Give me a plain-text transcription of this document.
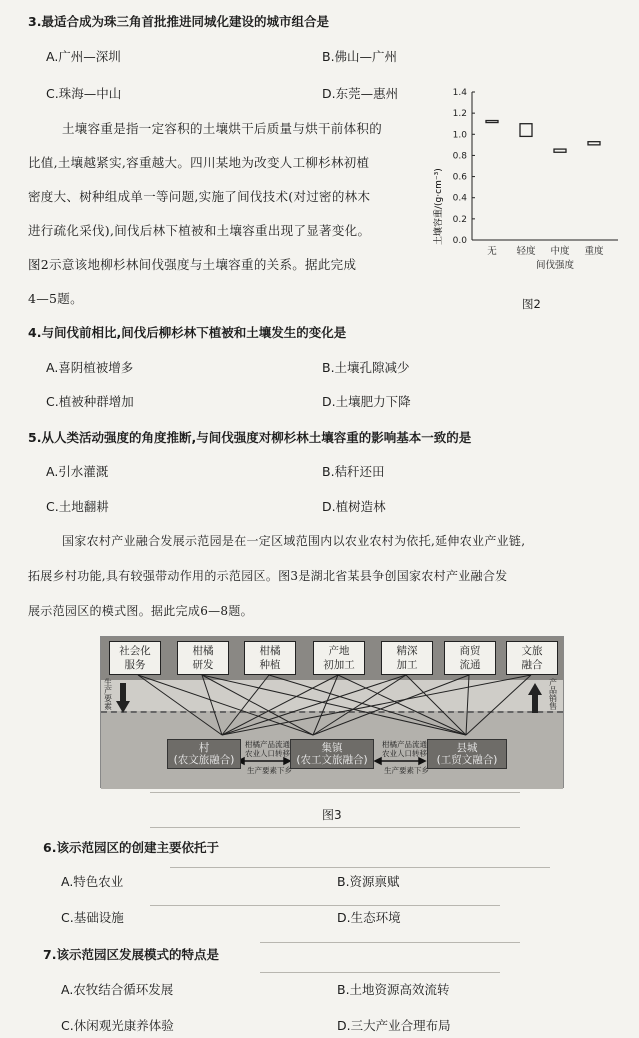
3.最适合成为珠三角首批推进同城化建设的城市组合是
A.广州—深圳	B.佛山—广州
C.珠海—中山	D.东莞—惠州
土壤容重是指一定容积的土壤烘干后质量与烘干前体积的
比值,土壤越紧实,容重越大。四川某地为改变人工柳杉林初植
密度大、树种组成单一等问题,实施了间伐技术(对过密的林木
进行疏化采伐),间伐后林下植被和土壤容重出现了显著变化。
图2示意该地柳杉林间伐强度与土壤容重的关系。据此完成
4—5题。
土壤容重/(g·cm⁻³) 0.0
0.2
0.4
0.6
0.8
1.0
1.2
1.4
无 轻度 中度 重度
间伐强度
图2
4.与间伐前相比,间伐后柳杉林下植被和土壤发生的变化是
A.喜阴植被增多	B.土壤孔隙减少
C.植被种群增加	D.土壤肥力下降
5.从人类活动强度的角度推断,与间伐强度对柳杉林土壤容重的影响基本一致的是
A.引水灌溉	B.秸秆还田
C.土地翻耕	D.植树造林
国家农村产业融合发展示范园是在一定区域范围内以农业农村为依托,延伸农业产业链,
拓展乡村功能,具有较强带动作用的示范园区。图3是湖北省某县争创国家农村产业融合发
展示范园区的模式图。据此完成6—8题。
社会化
服务
柑橘
研发
柑橘
种植
产地
初加工
精深
加工
商贸
流通
文旅
融合
生产要素
产品销售
村
(农文旅融合)
集镇
(农工文旅融合)
县城
(工贸文融合)
柑橘产品流通
农业人口转移
生产要素下乡
柑橘产品流通
农业人口转移
生产要素下乡
图3
6.该示范园区的创建主要依托于
A.特色农业	B.资源禀赋
C.基础设施	D.生态环境
7.该示范园区发展模式的特点是
A.农牧结合循环发展	B.土地资源高效流转
C.休闲观光康养体验	D.三大产业合理布局
